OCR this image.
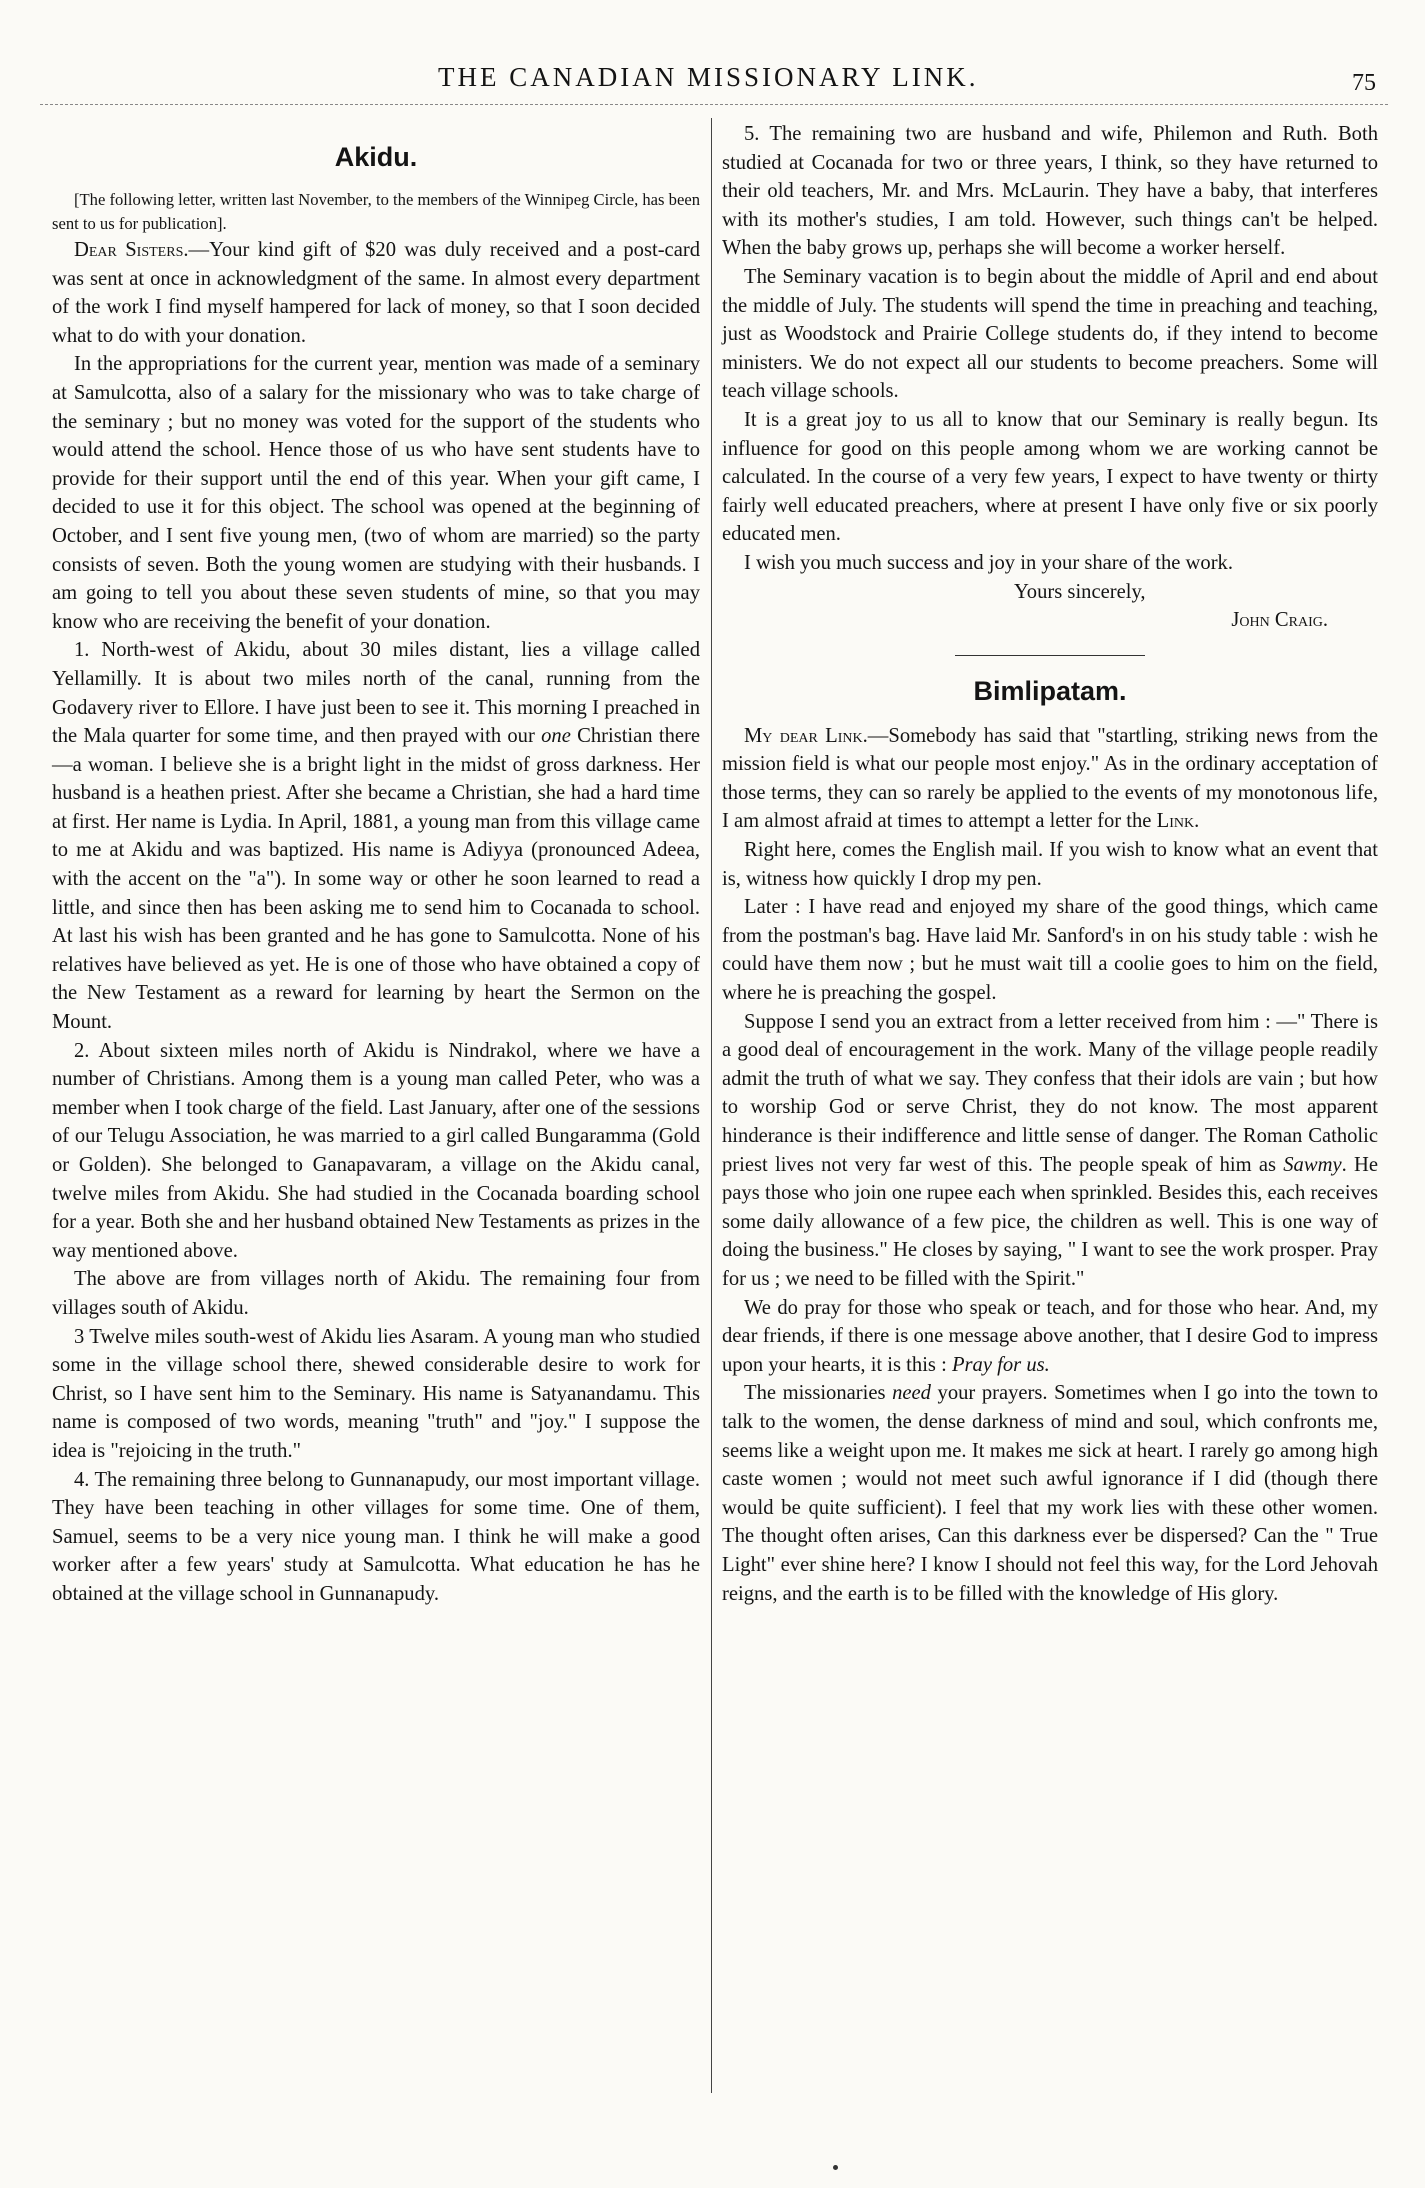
THE CANADIAN MISSIONARY LINK.	75
Akidu.

[The following letter, written last November, to the members of the Winnipeg Circle, has been sent to us for publication].

Dear Sisters.—Your kind gift of $20 was duly received and a post-card was sent at once in acknowledgment of the same. In almost every department of the work I find myself hampered for lack of money, so that I soon decided what to do with your donation.

In the appropriations for the current year, mention was made of a seminary at Samulcotta, also of a salary for the missionary who was to take charge of the seminary ; but no money was voted for the support of the students who would attend the school. Hence those of us who have sent students have to provide for their support until the end of this year. When your gift came, I decided to use it for this object. The school was opened at the beginning of October, and I sent five young men, (two of whom are married) so the party consists of seven. Both the young women are studying with their husbands. I am going to tell you about these seven students of mine, so that you may know who are receiving the benefit of your donation.

1. North-west of Akidu, about 30 miles distant, lies a village called Yellamilly. It is about two miles north of the canal, running from the Godavery river to Ellore. I have just been to see it. This morning I preached in the Mala quarter for some time, and then prayed with our one Christian there—a woman. I believe she is a bright light in the midst of gross darkness. Her husband is a heathen priest. After she became a Christian, she had a hard time at first. Her name is Lydia. In April, 1881, a young man from this village came to me at Akidu and was baptized. His name is Adiyya (pronounced Adeea, with the accent on the "a"). In some way or other he soon learned to read a little, and since then has been asking me to send him to Cocanada to school. At last his wish has been granted and he has gone to Samulcotta. None of his relatives have believed as yet. He is one of those who have obtained a copy of the New Testament as a reward for learning by heart the Sermon on the Mount.

2. About sixteen miles north of Akidu is Nindrakol, where we have a number of Christians. Among them is a young man called Peter, who was a member when I took charge of the field. Last January, after one of the sessions of our Telugu Association, he was married to a girl called Bungaramma (Gold or Golden). She belonged to Ganapavaram, a village on the Akidu canal, twelve miles from Akidu. She had studied in the Cocanada boarding school for a year. Both she and her husband obtained New Testaments as prizes in the way mentioned above.

The above are from villages north of Akidu. The remaining four from villages south of Akidu.

3 Twelve miles south-west of Akidu lies Asaram. A young man who studied some in the village school there, shewed considerable desire to work for Christ, so I have sent him to the Seminary. His name is Satyanandamu. This name is composed of two words, meaning "truth" and "joy." I suppose the idea is "rejoicing in the truth."

4. The remaining three belong to Gunnanapudy, our most important village. They have been teaching in other villages for some time. One of them, Samuel, seems to be a very nice young man. I think he will make a good worker after a few years' study at Samulcotta. What education he has he obtained at the village school in Gunnanapudy.

5. The remaining two are husband and wife, Philemon and Ruth. Both studied at Cocanada for two or three years, I think, so they have returned to their old teachers, Mr. and Mrs. McLaurin. They have a baby, that interferes with its mother's studies, I am told. However, such things can't be helped. When the baby grows up, perhaps she will become a worker herself.

The Seminary vacation is to begin about the middle of April and end about the middle of July. The students will spend the time in preaching and teaching, just as Woodstock and Prairie College students do, if they intend to become ministers. We do not expect all our students to become preachers. Some will teach village schools.

It is a great joy to us all to know that our Seminary is really begun. Its influence for good on this people among whom we are working cannot be calculated. In the course of a very few years, I expect to have twenty or thirty fairly well educated preachers, where at present I have only five or six poorly educated men.

I wish you much success and joy in your share of the work.

Yours sincerely,

John Craig.

Bimlipatam.

My dear Link.—Somebody has said that "startling, striking news from the mission field is what our people most enjoy." As in the ordinary acceptation of those terms, they can so rarely be applied to the events of my monotonous life, I am almost afraid at times to attempt a letter for the Link.

Right here, comes the English mail. If you wish to know what an event that is, witness how quickly I drop my pen.

Later : I have read and enjoyed my share of the good things, which came from the postman's bag. Have laid Mr. Sanford's in on his study table : wish he could have them now ; but he must wait till a coolie goes to him on the field, where he is preaching the gospel.

Suppose I send you an extract from a letter received from him : —" There is a good deal of encouragement in the work. Many of the village people readily admit the truth of what we say. They confess that their idols are vain ; but how to worship God or serve Christ, they do not know. The most apparent hinderance is their indifference and little sense of danger. The Roman Catholic priest lives not very far west of this. The people speak of him as Sawmy. He pays those who join one rupee each when sprinkled. Besides this, each receives some daily allowance of a few pice, the children as well. This is one way of doing the business." He closes by saying, " I want to see the work prosper. Pray for us ; we need to be filled with the Spirit."

We do pray for those who speak or teach, and for those who hear. And, my dear friends, if there is one message above another, that I desire God to impress upon your hearts, it is this : Pray for us.

The missionaries need your prayers. Sometimes when I go into the town to talk to the women, the dense darkness of mind and soul, which confronts me, seems like a weight upon me. It makes me sick at heart. I rarely go among high caste women ; would not meet such awful ignorance if I did (though there would be quite sufficient). I feel that my work lies with these other women. The thought often arises, Can this darkness ever be dispersed? Can the " True Light" ever shine here? I know I should not feel this way, for the Lord Jehovah reigns, and the earth is to be filled with the knowledge of His glory.
